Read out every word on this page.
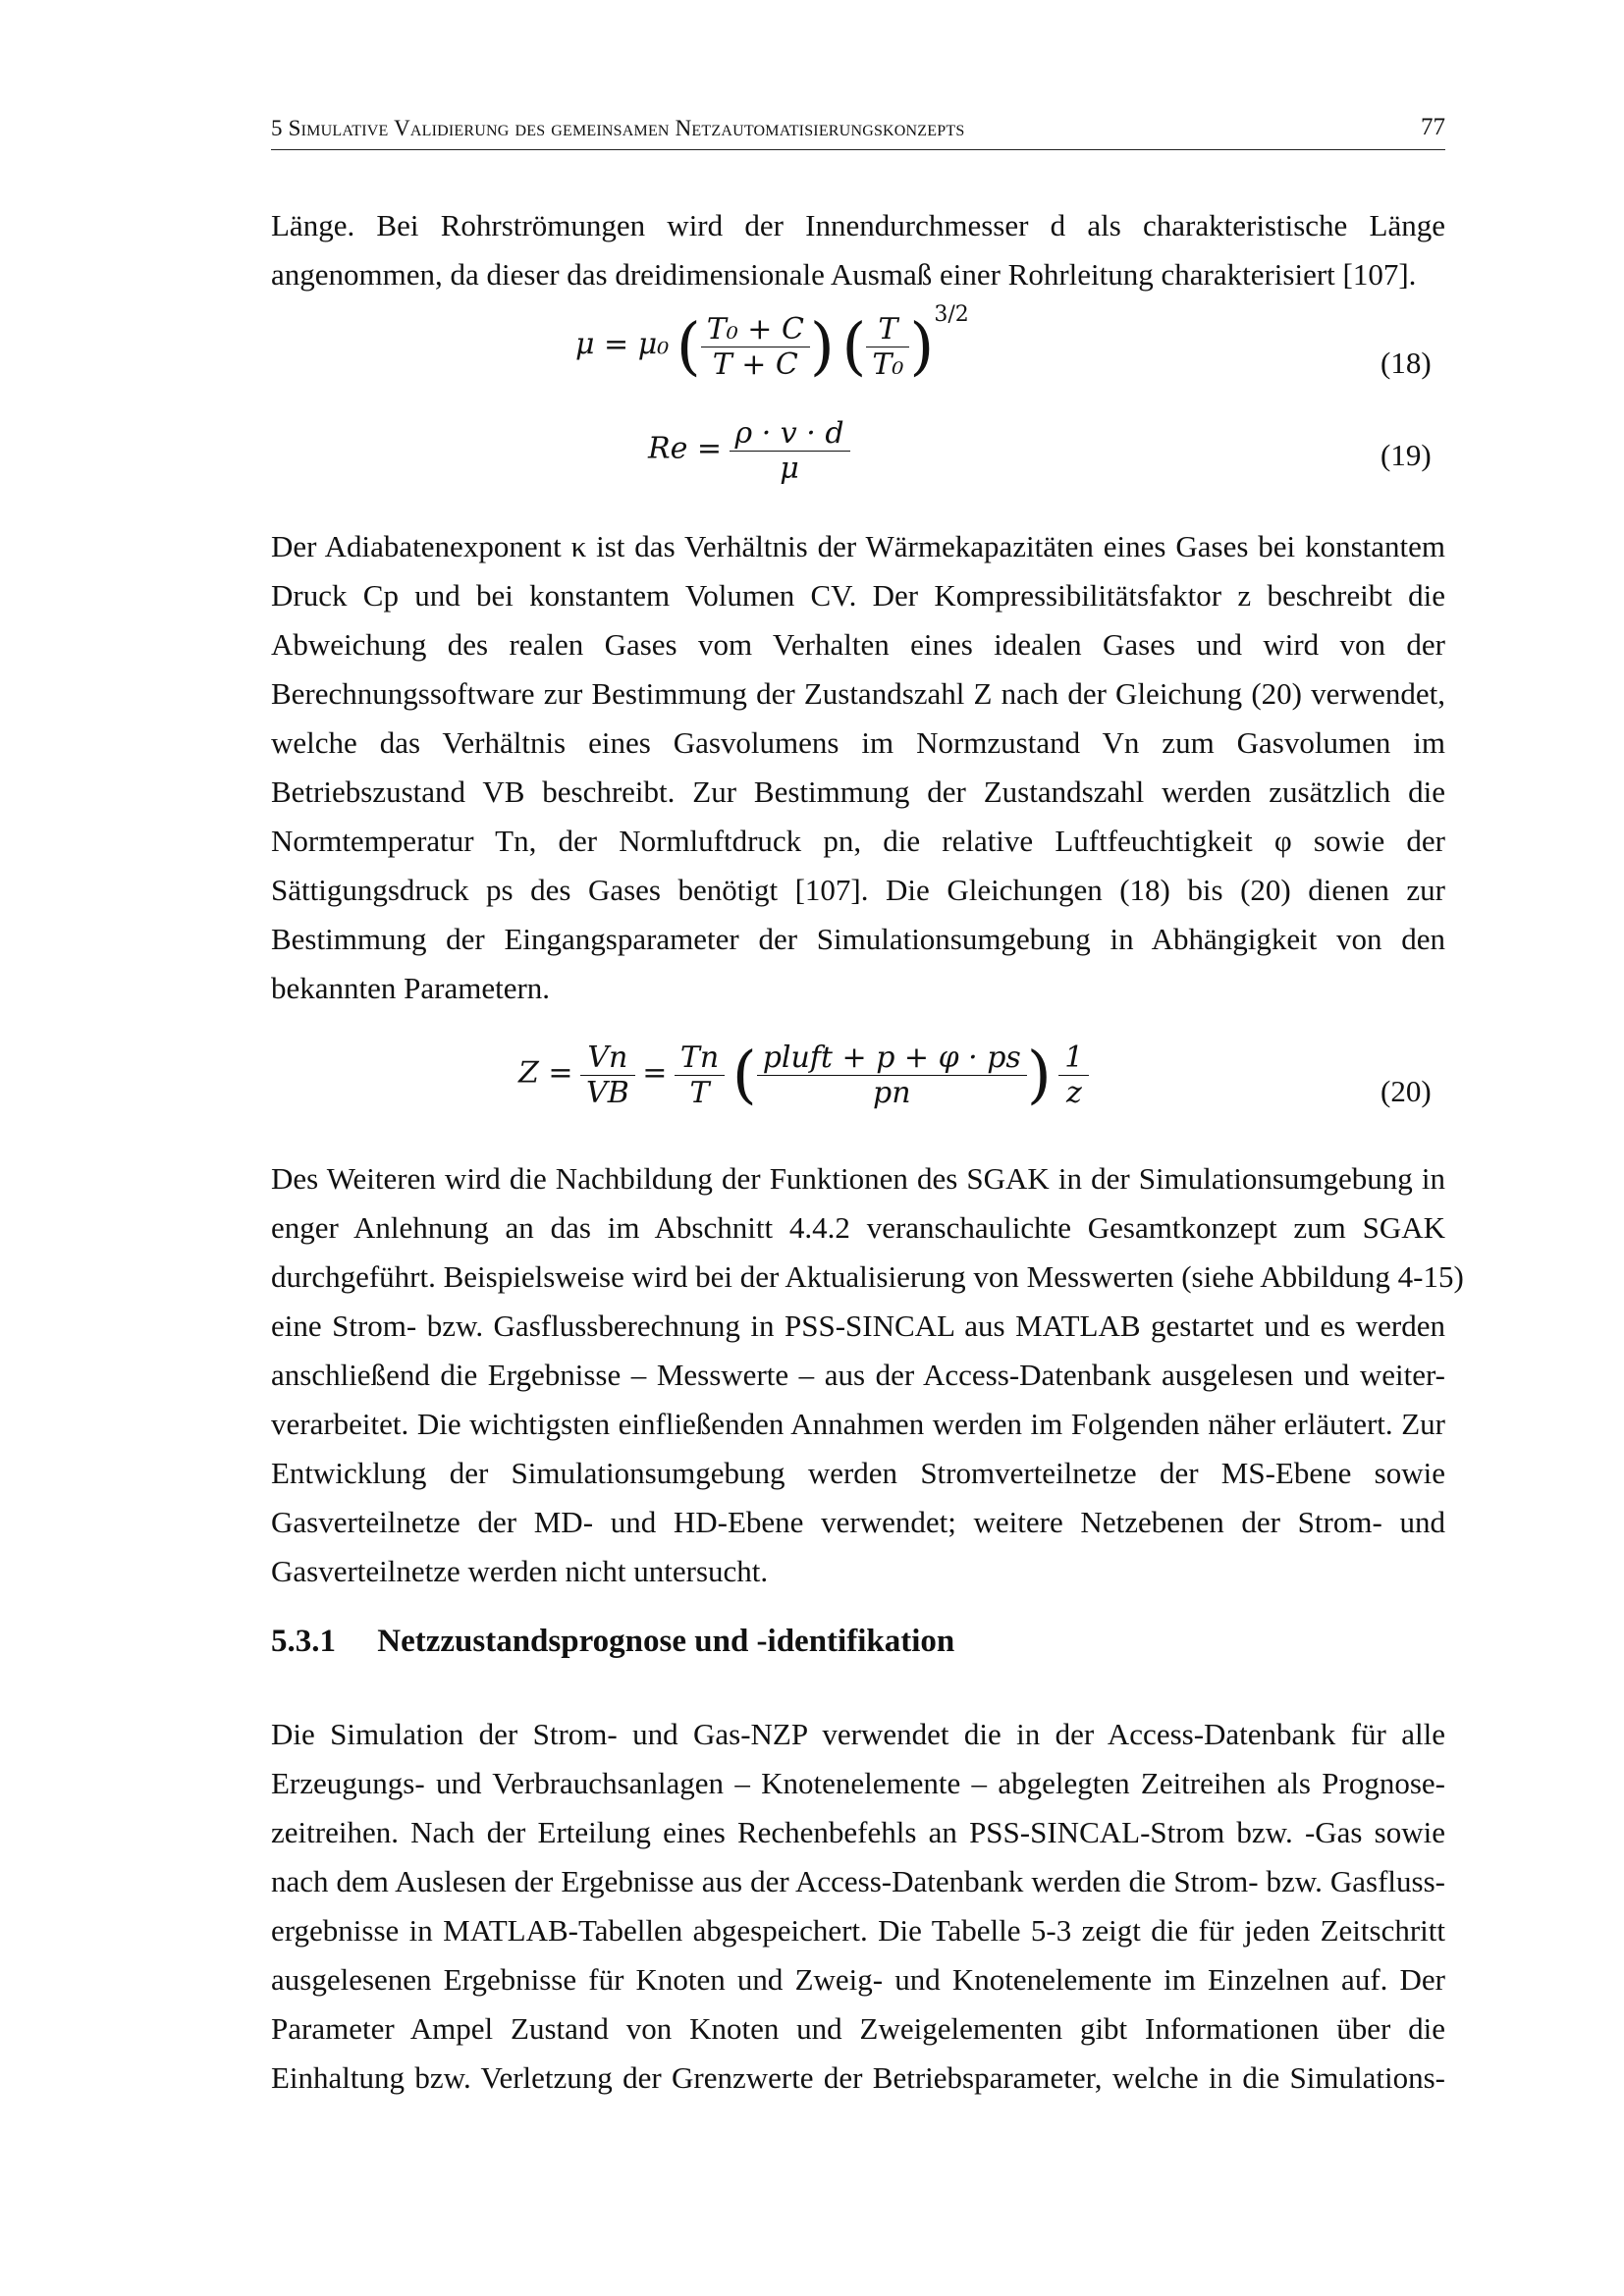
5 Simulative Validierung des gemeinsamen Netzautomatisierungskonzepts	77
Länge. Bei Rohrströmungen wird der Innendurchmesser d als charakteristische Länge
angenommen, da dieser das dreidimensionale Ausmaß einer Rohrleitung charakterisiert [107].
μ = μ₀ ( $\frac{\text{T₀ + C}}{T + C}$ ) ( $\frac{T}{\text{T₀}} )^{3/2}$
(18)
$Re = \frac{\rho \cdot v \cdot d}{\mu}$	(19)
Der Adiabatenexponent κ ist das Verhältnis der Wärmekapazitäten eines Gases bei konstantem
Druck Cp und bei konstantem Volumen CV. Der Kompressibilitätsfaktor z beschreibt die
Abweichung des realen Gases vom Verhalten eines idealen Gases und wird von der
Berechnungssoftware zur Bestimmung der Zustandszahl Z nach der Gleichung (20) verwendet,
welche das Verhältnis eines Gasvolumens im Normzustand Vn zum Gasvolumen im
Betriebszustand VB beschreibt. Zur Bestimmung der Zustandszahl werden zusätzlich die
Normtemperatur Tn, der Normluftdruck pn, die relative Luftfeuchtigkeit φ sowie der
Sättigungsdruck ps des Gases benötigt [107]. Die Gleichungen (18) bis (20) dienen zur
Bestimmung der Eingangsparameter der Simulationsumgebung in Abhängigkeit von den
bekannten Parametern.
$Z = \frac{Vn}{VB} = \frac{Tn}{T}$ ( $\frac{\text{pluft + p + φ · ps}}{pn}$ ) $\frac{1}{z}$	(20)
Des Weiteren wird die Nachbildung der Funktionen des SGAK in der Simulationsumgebung in
enger Anlehnung an das im Abschnitt 4.4.2 veranschaulichte Gesamtkonzept zum SGAK
durchgeführt. Beispielsweise wird bei der Aktualisierung von Messwerten (siehe Abbildung 4-15)
eine Strom- bzw. Gasflussberechnung in PSS-SINCAL aus MATLAB gestartet und es werden
anschließend die Ergebnisse – Messwerte – aus der Access-Datenbank ausgelesen und weiter-
verarbeitet. Die wichtigsten einfließenden Annahmen werden im Folgenden näher erläutert. Zur
Entwicklung der Simulationsumgebung werden Stromverteilnetze der MS-Ebene sowie
Gasverteilnetze der MD- und HD-Ebene verwendet; weitere Netzebenen der Strom- und
Gasverteilnetze werden nicht untersucht.
5.3.1 Netzzustandsprognose und -identifikation
Die Simulation der Strom- und Gas-NZP verwendet die in der Access-Datenbank für alle
Erzeugungs- und Verbrauchsanlagen – Knotenelemente – abgelegten Zeitreihen als Prognose-
zeitreihen. Nach der Erteilung eines Rechenbefehls an PSS-SINCAL-Strom bzw. -Gas sowie
nach dem Auslesen der Ergebnisse aus der Access-Datenbank werden die Strom- bzw. Gasfluss-
ergebnisse in MATLAB-Tabellen abgespeichert. Die Tabelle 5-3 zeigt die für jeden Zeitschritt
ausgelesenen Ergebnisse für Knoten und Zweig- und Knotenelemente im Einzelnen auf. Der
Parameter Ampel Zustand von Knoten und Zweigelementen gibt Informationen über die
Einhaltung bzw. Verletzung der Grenzwerte der Betriebsparameter, welche in die Simulations-
